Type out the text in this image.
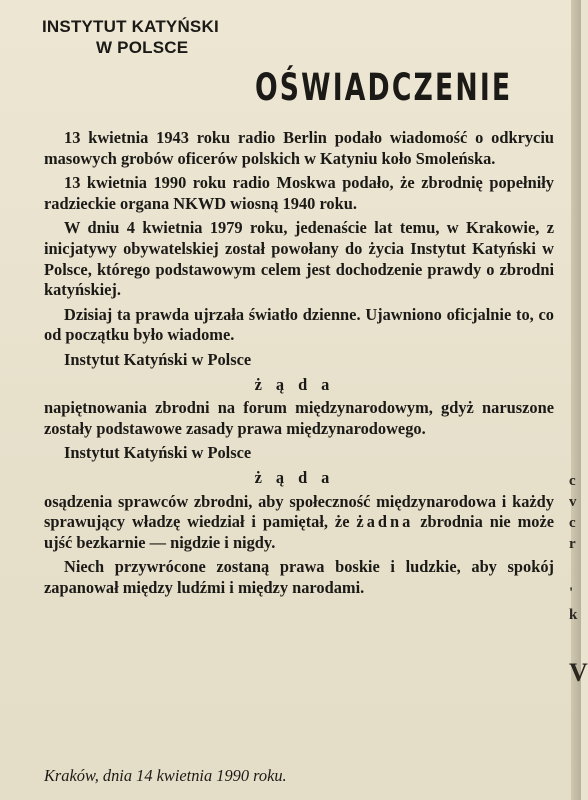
INSTYTUT KATYŃSKI
W POLSCE
OŚWIADCZENIE

13 kwietnia 1943 roku radio Berlin podało wiadomość o odkryciu masowych grobów oficerów polskich w Katyniu koło Smoleńska.

13 kwietnia 1990 roku radio Moskwa podało, że zbrodnię popełniły radzieckie organa NKWD wiosną 1940 roku.

W dniu 4 kwietnia 1979 roku, jedenaście lat temu, w Krakowie, z inicjatywy obywatelskiej został powołany do życia Instytut Katyński w Polsce, którego podstawowym celem jest dochodzenie prawdy o zbrodni katyńskiej.

Dzisiaj ta prawda ujrzała światło dzienne. Ujawniono oficjalnie to, co od początku było wiadome.

Instytut Katyński w Polsce

żąda

napiętnowania zbrodni na forum międzynarodowym, gdyż naruszone zostały podstawowe zasady prawa międzynarodowego.

Instytut Katyński w Polsce

żąda

osądzenia sprawców zbrodni, aby społeczność międzynarodowa i każdy sprawujący władzę wiedział i pamiętał, że żadna zbrodnia nie może ujść bezkarnie — nigdzie i nigdy.

Niech przywrócone zostaną prawa boskie i ludzkie, aby spokój zapanował między ludźmi i między narodami.

Kraków, dnia 14 kwietnia 1990 roku.
c
v
c
r
'
k
V
